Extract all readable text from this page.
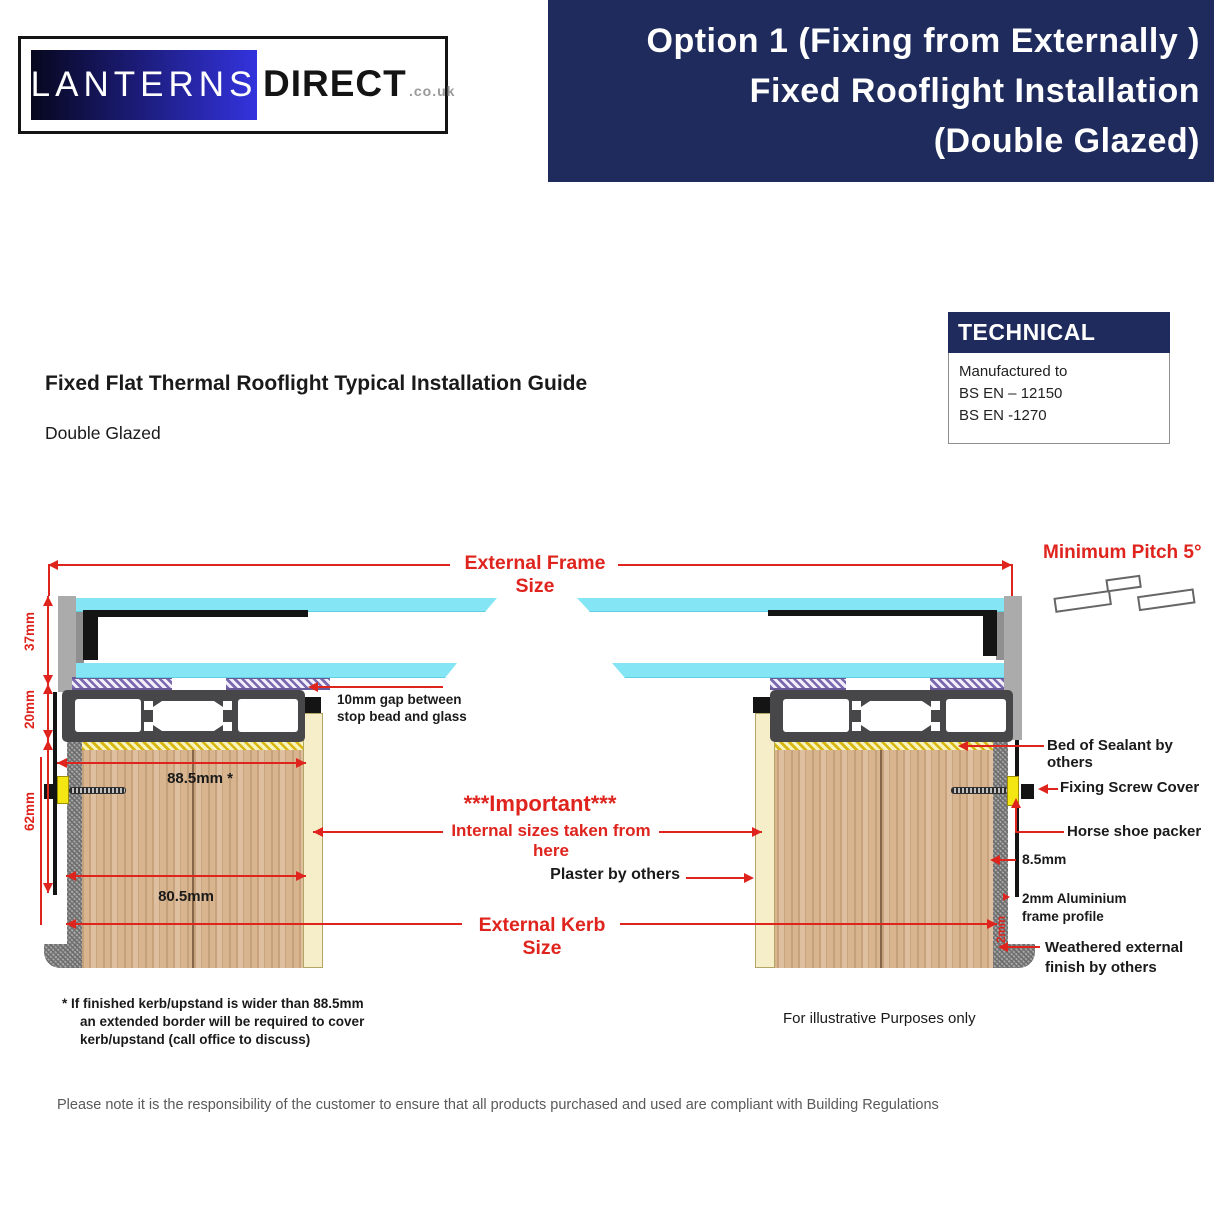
LANTERNS DIRECT .co.uk
Option 1 (Fixing from Externally )
Fixed Rooflight Installation
(Double Glazed)
TECHNICAL
Manufactured to
BS EN – 12150
BS EN -1270
Fixed Flat Thermal Rooflight Typical Installation Guide
Double Glazed
External Frame Size
37mm
20mm
62mm
88.5mm *
80.5mm
External Kerb Size
***Important***
Internal sizes taken from here
Plaster by others
10mm gap between
stop bead and glass
Minimum Pitch 5°
Bed of Sealant by others
Fixing Screw Cover
Horse shoe packer
8.5mm
2mm Aluminium
frame profile
2mm
Weathered external
finish by others
* If finished kerb/upstand is wider than 88.5mm
an extended border will be required to cover
kerb/upstand (call office to discuss)
For illustrative Purposes only
Please note it is the responsibility of the customer to ensure that all products purchased and used are compliant with Building Regulations
